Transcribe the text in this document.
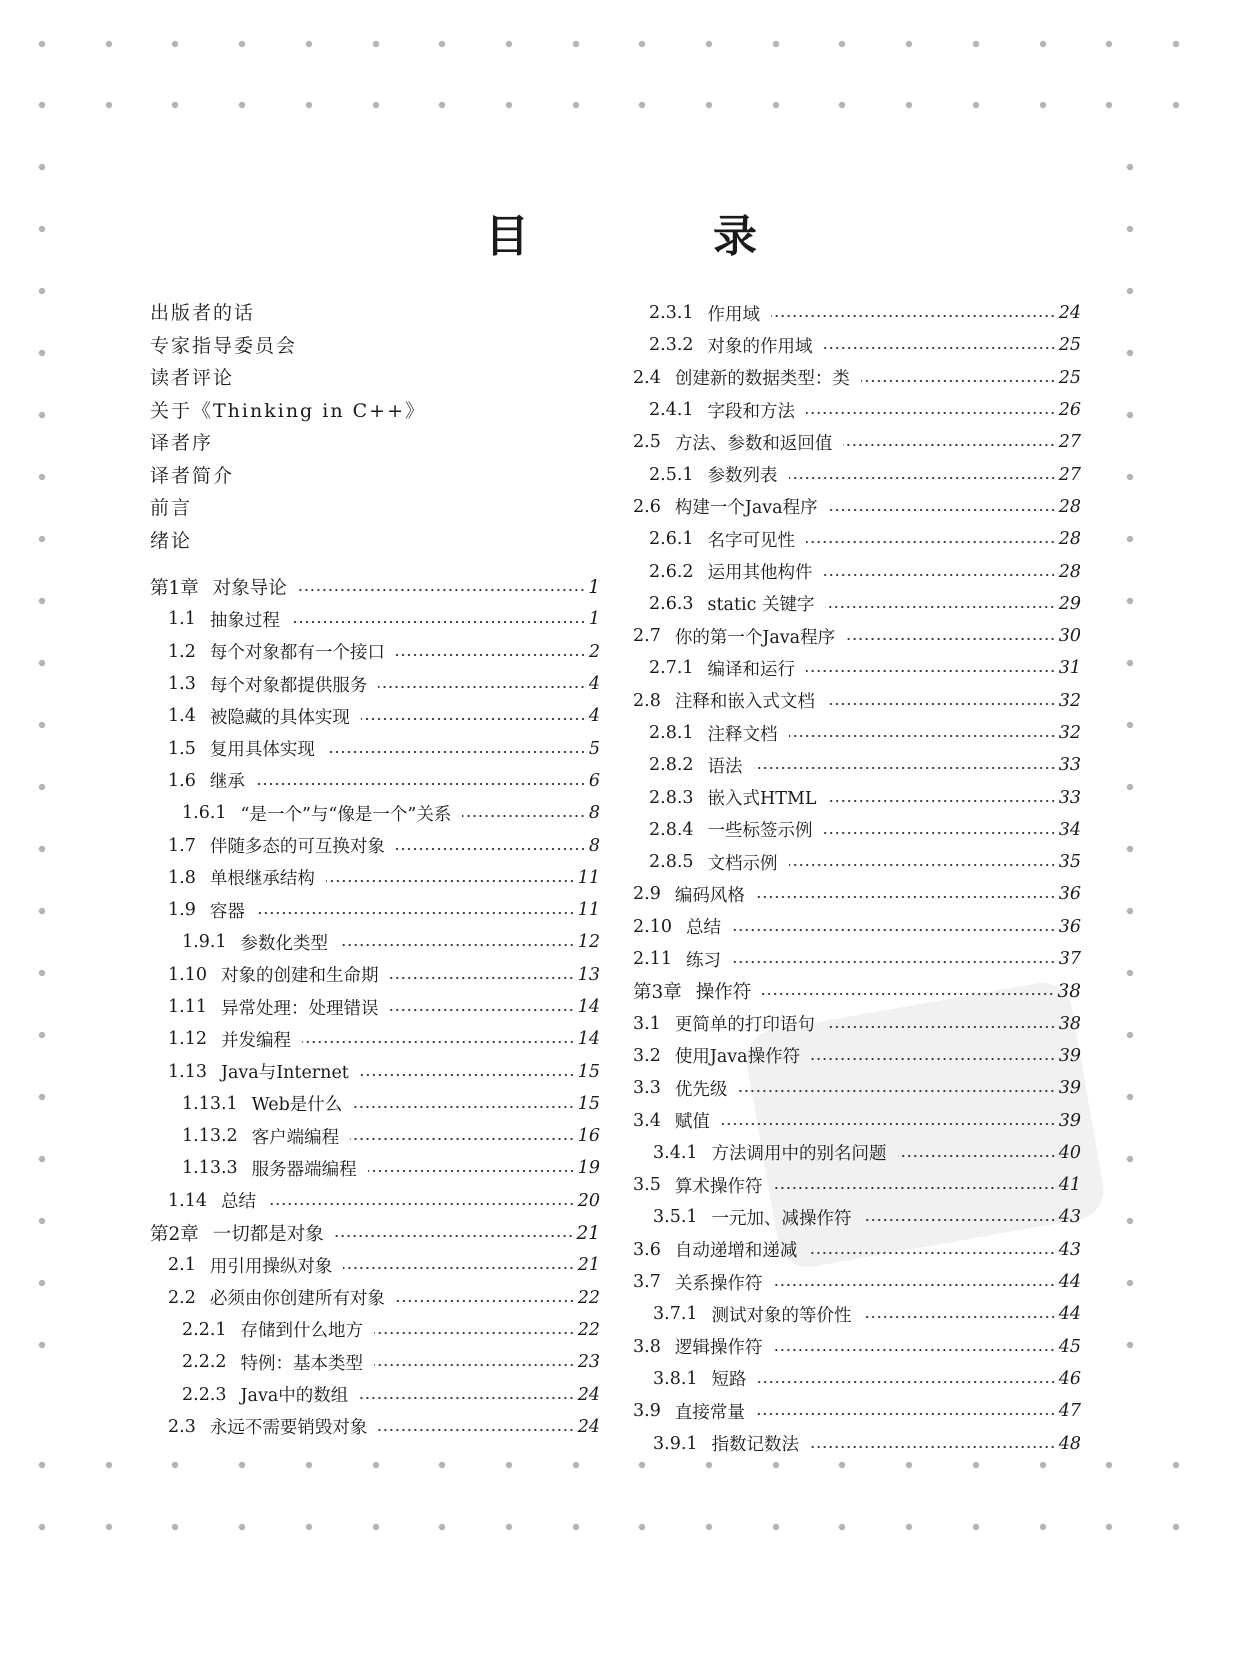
目　录
出版者的话
专家指导委员会
读者评论
关于《Thinking in C++》
译者序
译者简介
前言
绪论
第1章 对象导论	1
1.1 抽象过程	1
1.2 每个对象都有一个接口	2
1.3 每个对象都提供服务	4
1.4 被隐藏的具体实现	4
1.5 复用具体实现	5
1.6 继承	6
1.6.1 “是一个”与“像是一个”关系	8
1.7 伴随多态的可互换对象	8
1.8 单根继承结构	11
1.9 容器	11
1.9.1 参数化类型	12
1.10 对象的创建和生命期	13
1.11 异常处理：处理错误	14
1.12 并发编程	14
1.13 Java与Internet	15
1.13.1 Web是什么	15
1.13.2 客户端编程	16
1.13.3 服务器端编程	19
1.14 总结	20
第2章 一切都是对象	21
2.1 用引用操纵对象	21
2.2 必须由你创建所有对象	22
2.2.1 存储到什么地方	22
2.2.2 特例：基本类型	23
2.2.3 Java中的数组	24
2.3 永远不需要销毁对象	24
2.3.1 作用域	24
2.3.2 对象的作用域	25
2.4 创建新的数据类型：类	25
2.4.1 字段和方法	26
2.5 方法、参数和返回值	27
2.5.1 参数列表	27
2.6 构建一个Java程序	28
2.6.1 名字可见性	28
2.6.2 运用其他构件	28
2.6.3 static 关键字	29
2.7 你的第一个Java程序	30
2.7.1 编译和运行	31
2.8 注释和嵌入式文档	32
2.8.1 注释文档	32
2.8.2 语法	33
2.8.3 嵌入式HTML	33
2.8.4 一些标签示例	34
2.8.5 文档示例	35
2.9 编码风格	36
2.10 总结	36
2.11 练习	37
第3章 操作符	38
3.1 更简单的打印语句	38
3.2 使用Java操作符	39
3.3 优先级	39
3.4 赋值	39
3.4.1 方法调用中的别名问题	40
3.5 算术操作符	41
3.5.1 一元加、减操作符	43
3.6 自动递增和递减	43
3.7 关系操作符	44
3.7.1 测试对象的等价性	44
3.8 逻辑操作符	45
3.8.1 短路	46
3.9 直接常量	47
3.9.1 指数记数法	48
